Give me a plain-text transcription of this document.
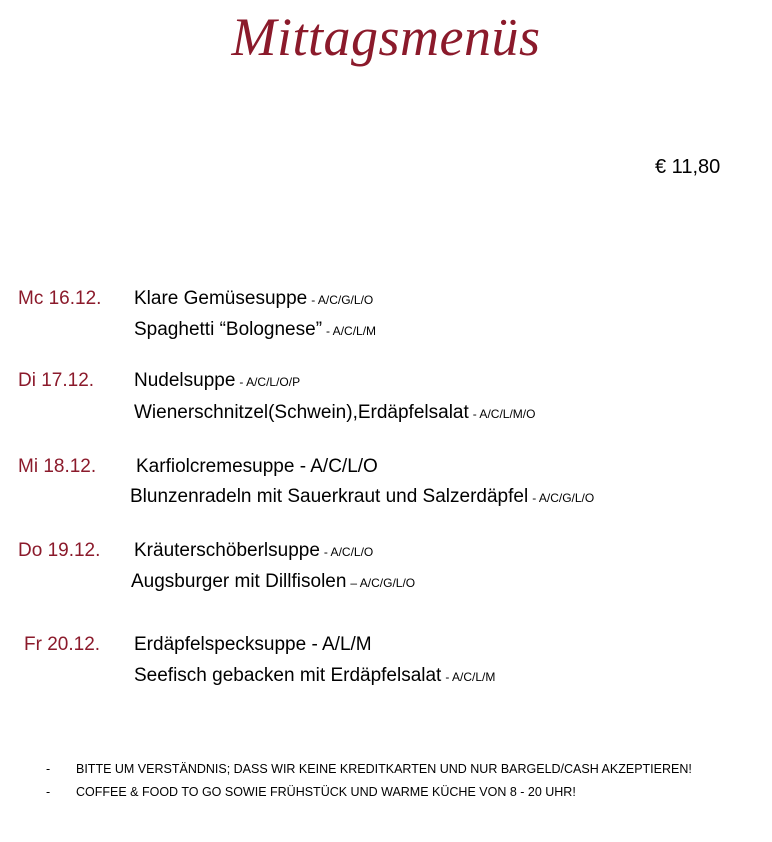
Mittagsmenüs
€ 11,80
Mc 16.12. Klare Gemüsesuppe - A/C/G/L/O
Spaghetti “Bolognese” - A/C/L/M
Di 17.12. Nudelsuppe - A/C/L/O/P
Wienerschnitzel(Schwein),Erdäpfelsalat - A/C/L/M/O
Mi 18.12. Karfiolcremesuppe - A/C/L/O
Blunzenradeln mit Sauerkraut und Salzerdäpfel - A/C/G/L/O
Do 19.12. Kräuterschöberlsuppe - A/C/L/O
Augsburger mit Dillfisolen – A/C/G/L/O
Fr 20.12. Erdäpfelspecksuppe - A/L/M
Seefisch gebacken mit Erdäpfelsalat - A/C/L/M
-	BITTE UM VERSTÄNDNIS; DASS WIR KEINE KREDITKARTEN UND NUR BARGELD/CASH AKZEPTIEREN!
-	COFFEE & FOOD TO GO SOWIE FRÜHSTÜCK UND WARME KÜCHE VON 8 - 20 UHR!
